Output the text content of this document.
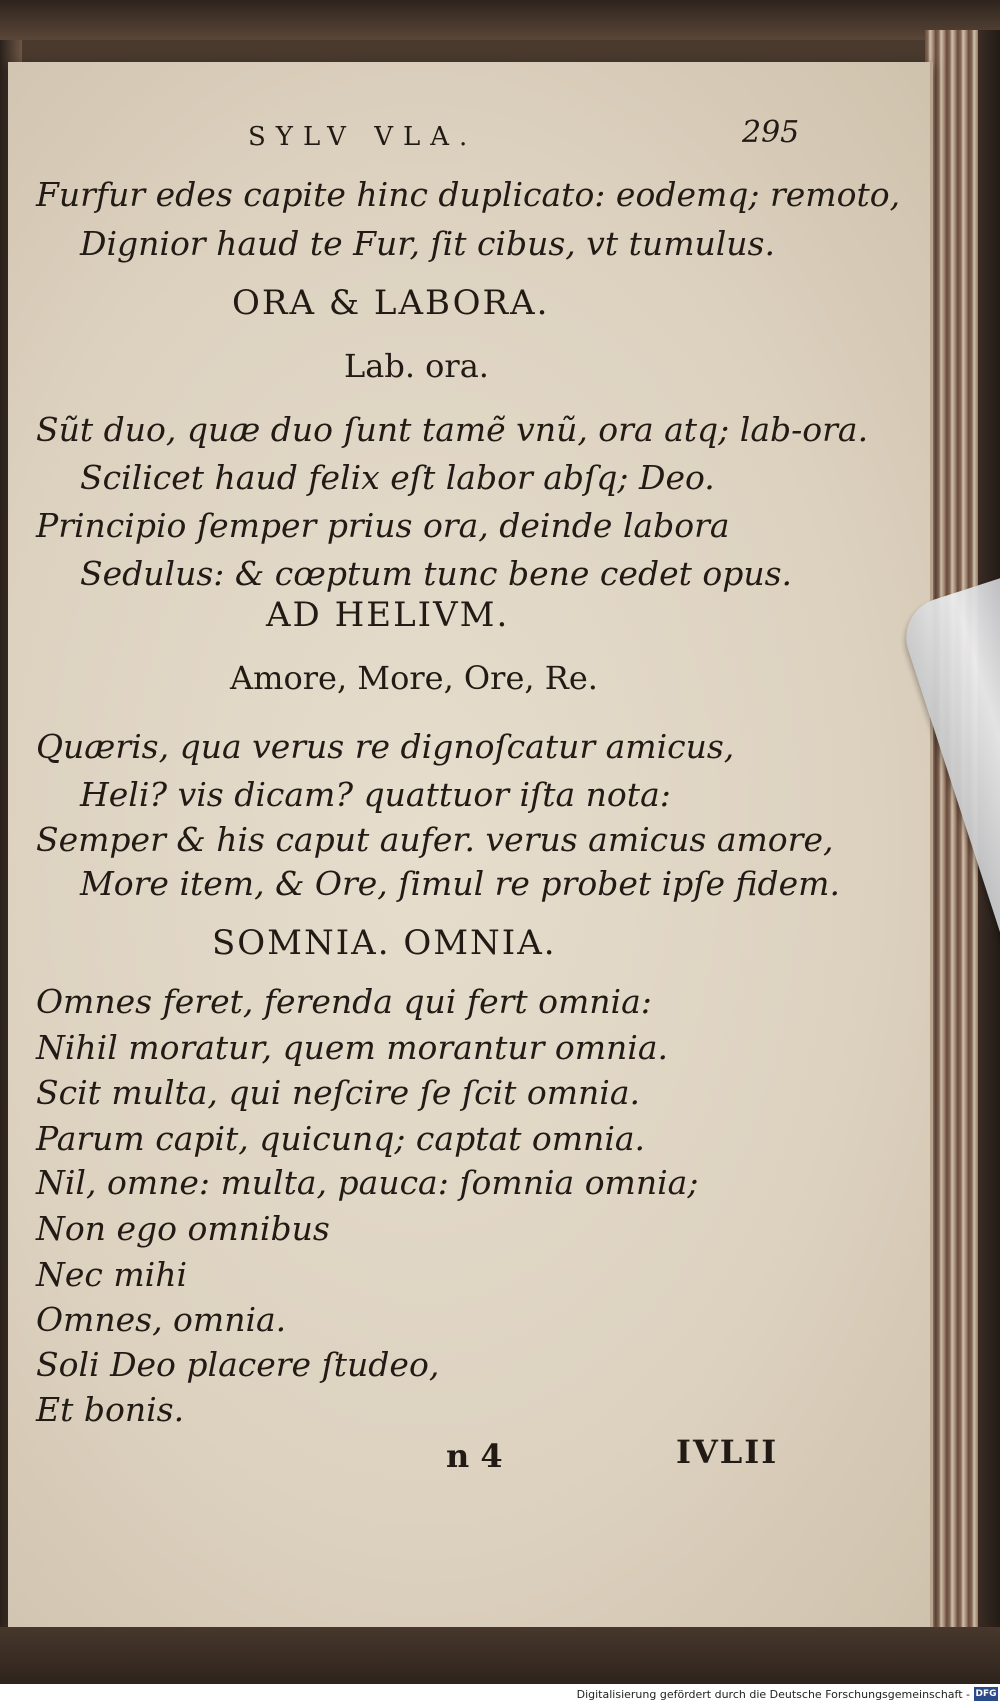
SYLV VLA.	295
Furfur edes capite hinc duplicato: eodemq; remoto,
Dignior haud te Fur, ſit cibus, vt tumulus.
ORA & LABORA.
Lab. ora.
Sũt duo, quæ duo ſunt tamẽ vnũ, ora atq; lab-ora.
Scilicet haud felix eſt labor abſq; Deo.
Principio ſemper prius ora, deinde labora
Sedulus: & cœptum tunc bene cedet opus.
AD HELIVM.
Amore, More, Ore, Re.
Quæris, qua verus re dignoſcatur amicus,
Heli? vis dicam? quattuor iſta nota:
Semper & his caput aufer. verus amicus amore,
More item, & Ore, ſimul re probet ipſe fidem.
SOMNIA. OMNIA.
Omnes feret, ferenda qui fert omnia:
Nihil moratur, quem morantur omnia.
Scit multa, qui neſcire ſe ſcit omnia.
Parum capit, quicunq; captat omnia.
Nil, omne: multa, pauca: ſomnia omnia;
Non ego omnibus
Nec mihi
Omnes, omnia.
Soli Deo placere ſtudeo,
Et bonis.
n 4	IVLII
Digitalisierung gefördert durch die Deutsche Forschungsgemeinschaft - DFG
